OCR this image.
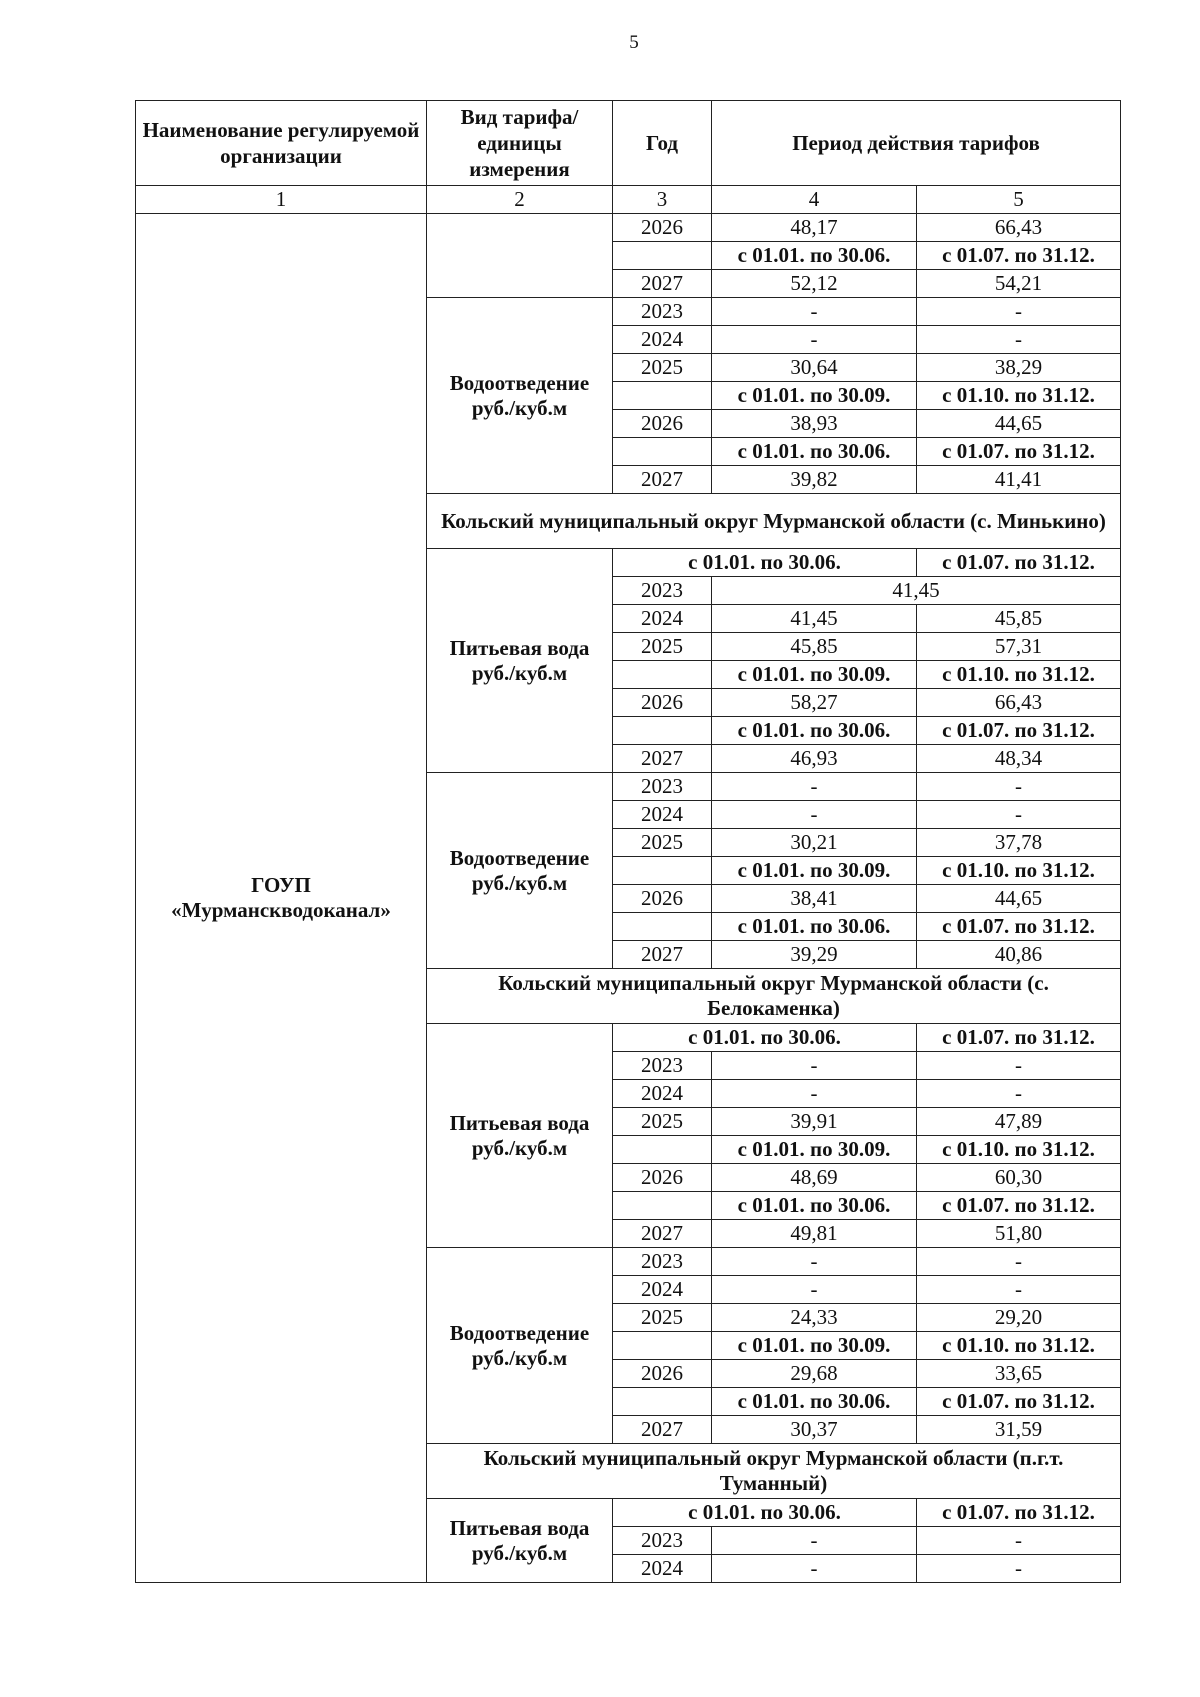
5
Наименование регулируемой организации	Вид тарифа/ единицы измерения	Год	Период действия тарифов	
1	2	3	4	5
ГОУП «Мурманскводоканал»		2026	48,17	66,43
			с 01.01. по 30.06.	с 01.07. по 31.12.
		2027	52,12	54,21
	Водоотведение руб./куб.м	2023	-	-
		2024	-	-
		2025	30,64	38,29
			с 01.01. по 30.09.	с 01.10. по 31.12.
		2026	38,93	44,65
			с 01.01. по 30.06.	с 01.07. по 31.12.
		2027	39,82	41,41
	Кольский муниципальный округ Мурманской области (с. Минькино)			
	Питьевая вода руб./куб.м	с 01.01. по 30.06.		с 01.07. по 31.12.
		2023	41,45	
		2024	41,45	45,85
		2025	45,85	57,31
			с 01.01. по 30.09.	с 01.10. по 31.12.
		2026	58,27	66,43
			с 01.01. по 30.06.	с 01.07. по 31.12.
		2027	46,93	48,34
	Водоотведение руб./куб.м	2023	-	-
		2024	-	-
		2025	30,21	37,78
			с 01.01. по 30.09.	с 01.10. по 31.12.
		2026	38,41	44,65
			с 01.01. по 30.06.	с 01.07. по 31.12.
		2027	39,29	40,86
	Кольский муниципальный округ Мурманской области (с. Белокаменка)			
	Питьевая вода руб./куб.м	с 01.01. по 30.06.		с 01.07. по 31.12.
		2023	-	-
		2024	-	-
		2025	39,91	47,89
			с 01.01. по 30.09.	с 01.10. по 31.12.
		2026	48,69	60,30
			с 01.01. по 30.06.	с 01.07. по 31.12.
		2027	49,81	51,80
	Водоотведение руб./куб.м	2023	-	-
		2024	-	-
		2025	24,33	29,20
			с 01.01. по 30.09.	с 01.10. по 31.12.
		2026	29,68	33,65
			с 01.01. по 30.06.	с 01.07. по 31.12.
		2027	30,37	31,59
	Кольский муниципальный округ Мурманской области (п.г.т. Туманный)			
	Питьевая вода руб./куб.м	с 01.01. по 30.06.		с 01.07. по 31.12.
		2023	-	-
		2024	-	-
